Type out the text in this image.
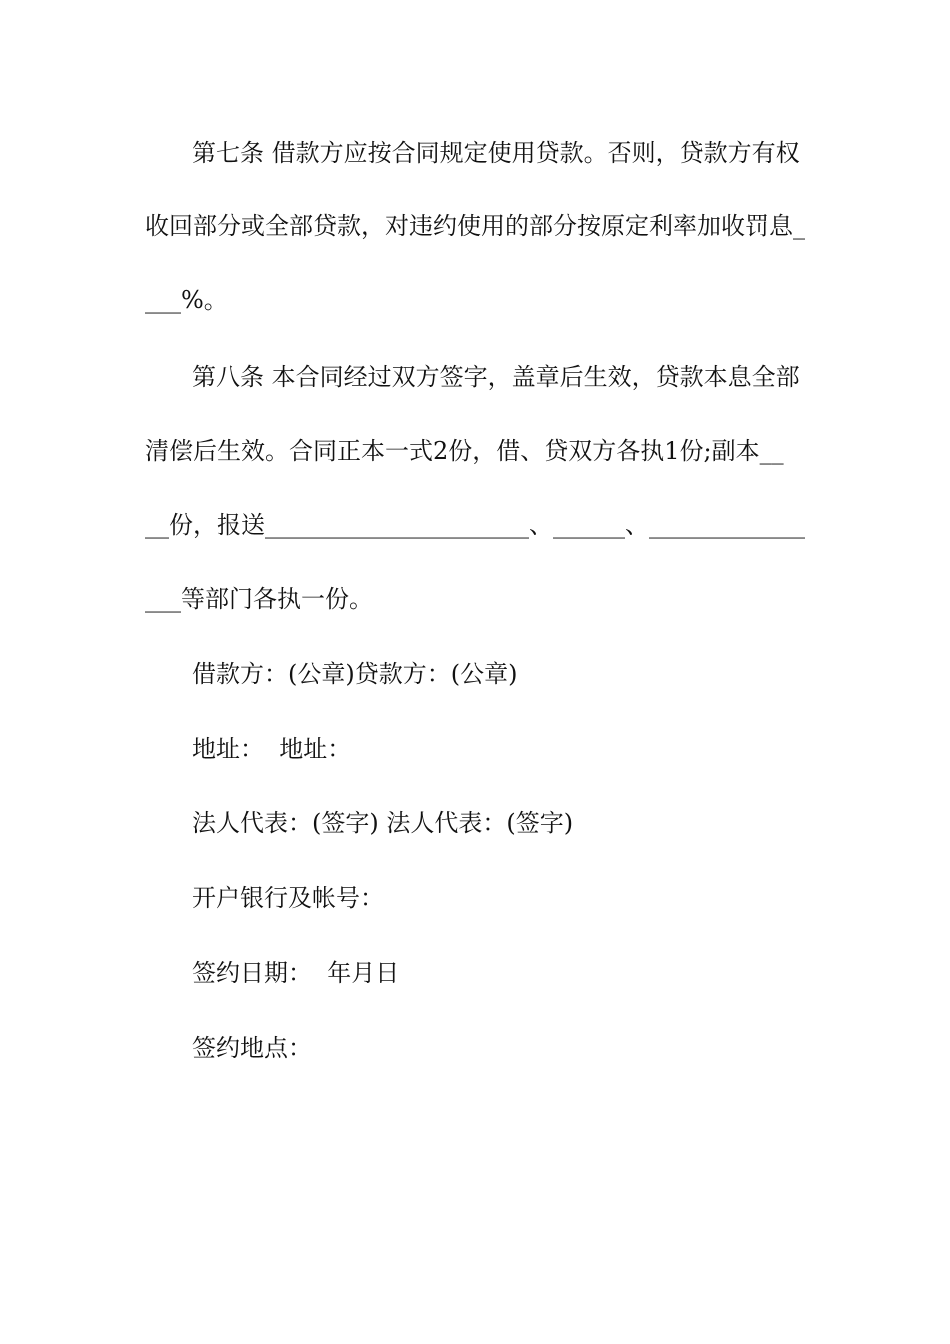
第七条 借款方应按合同规定使用贷款。否则，贷款方有权
收回部分或全部贷款，对违约使用的部分按原定利率加收罚息_
___%。
第八条 本合同经过双方签字，盖章后生效，贷款本息全部
清偿后生效。合同正本一式2份，借、贷双方各执1份;副本__
__份，报送______________________、______、_____________
___等部门各执一份。
借款方：(公章)贷款方：(公章)
地址：  地址：
法人代表：(签字) 法人代表：(签字)
开户银行及帐号：
签约日期：  年月日
签约地点：
